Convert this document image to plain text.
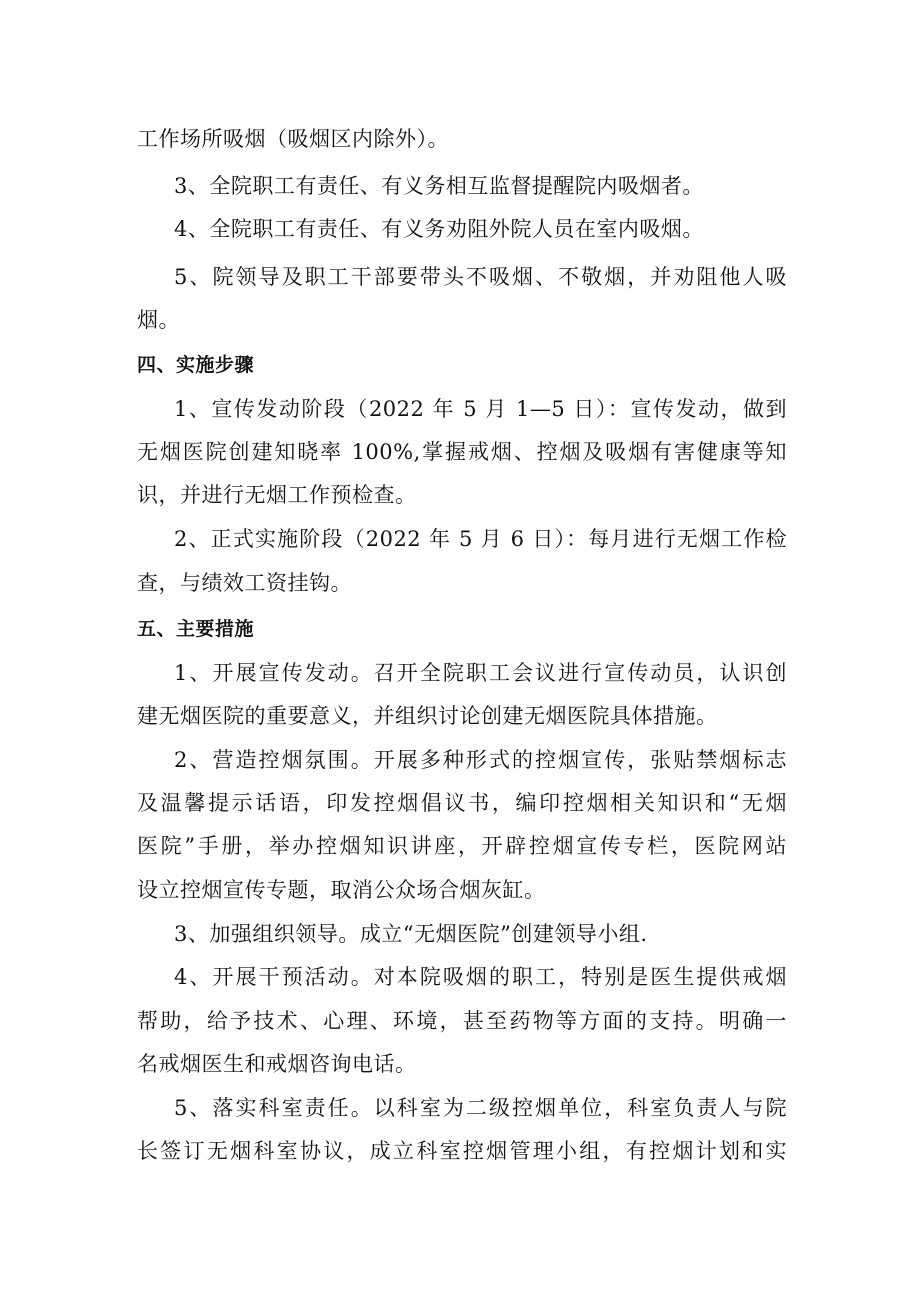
工作场所吸烟（吸烟区内除外）。
3、全院职工有责任、有义务相互监督提醒院内吸烟者。
4、全院职工有责任、有义务劝阻外院人员在室内吸烟。
5、院领导及职工干部要带头不吸烟、不敬烟，并劝阻他人吸
烟。
四、实施步骤
1、宣传发动阶段（2022 年 5 月 1—5 日）：宣传发动，做到
无烟医院创建知晓率 100%,掌握戒烟、控烟及吸烟有害健康等知
识，并进行无烟工作预检查。
2、正式实施阶段（2022 年 5 月 6 日）：每月进行无烟工作检
查，与绩效工资挂钩。
五、主要措施
1、开展宣传发动。召开全院职工会议进行宣传动员，认识创
建无烟医院的重要意义，并组织讨论创建无烟医院具体措施。
2、营造控烟氛围。开展多种形式的控烟宣传，张贴禁烟标志
及温馨提示话语，印发控烟倡议书，编印控烟相关知识和“无烟
医院”手册，举办控烟知识讲座，开辟控烟宣传专栏，医院网站
设立控烟宣传专题，取消公众场合烟灰缸。
3、加强组织领导。成立“无烟医院”创建领导小组.
4、开展干预活动。对本院吸烟的职工，特别是医生提供戒烟
帮助，给予技术、心理、环境，甚至药物等方面的支持。明确一
名戒烟医生和戒烟咨询电话。
5、落实科室责任。以科室为二级控烟单位，科室负责人与院
长签订无烟科室协议，成立科室控烟管理小组，有控烟计划和实
